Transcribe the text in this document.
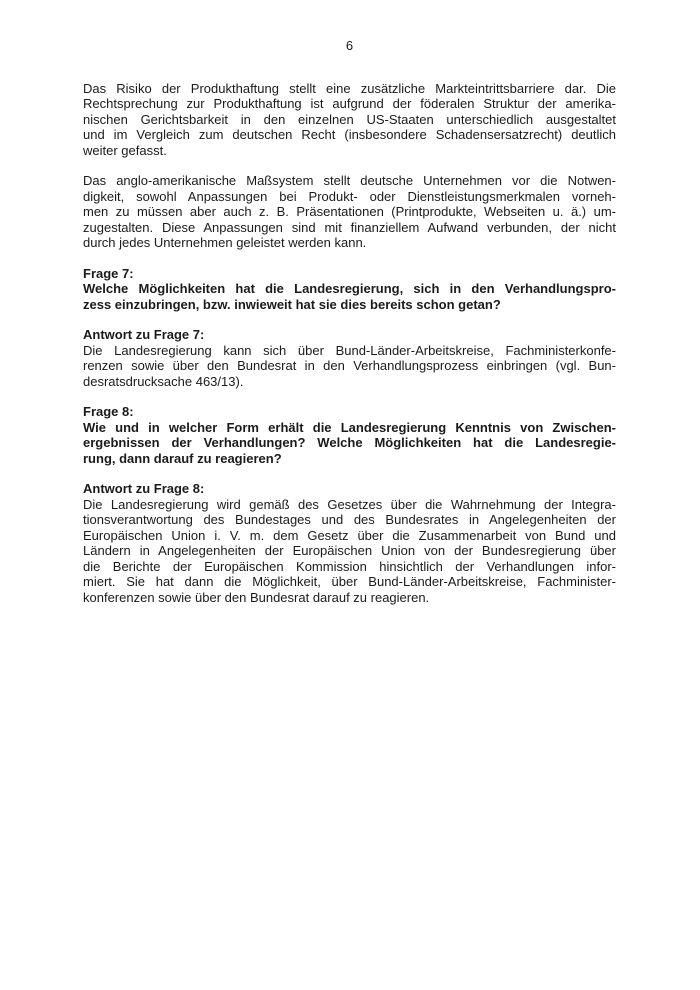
6
Das Risiko der Produkthaftung stellt eine zusätzliche Markteintrittsbarriere dar. Die
Rechtsprechung zur Produkthaftung ist aufgrund der föderalen Struktur der amerika-
nischen Gerichtsbarkeit in den einzelnen US-Staaten unterschiedlich ausgestaltet
und im Vergleich zum deutschen Recht (insbesondere Schadensersatzrecht) deutlich
weiter gefasst.
Das anglo-amerikanische Maßsystem stellt deutsche Unternehmen vor die Notwen-
digkeit, sowohl Anpassungen bei Produkt- oder Dienstleistungsmerkmalen vorneh-
men zu müssen aber auch z. B. Präsentationen (Printprodukte, Webseiten u. ä.) um-
zugestalten. Diese Anpassungen sind mit finanziellem Aufwand verbunden, der nicht
durch jedes Unternehmen geleistet werden kann.
Frage 7:
Welche Möglichkeiten hat die Landesregierung, sich in den Verhandlungspro-
zess einzubringen, bzw. inwieweit hat sie dies bereits schon getan?
Antwort zu Frage 7:
Die Landesregierung kann sich über Bund-Länder-Arbeitskreise, Fachministerkonfe-
renzen sowie über den Bundesrat in den Verhandlungsprozess einbringen (vgl. Bun-
desratsdrucksache 463/13).
Frage 8:
Wie und in welcher Form erhält die Landesregierung Kenntnis von Zwischen-
ergebnissen der Verhandlungen? Welche Möglichkeiten hat die Landesregie-
rung, dann darauf zu reagieren?
Antwort zu Frage 8:
Die Landesregierung wird gemäß des Gesetzes über die Wahrnehmung der Integra-
tionsverantwortung des Bundestages und des Bundesrates in Angelegenheiten der
Europäischen Union i. V. m. dem Gesetz über die Zusammenarbeit von Bund und
Ländern in Angelegenheiten der Europäischen Union von der Bundesregierung über
die Berichte der Europäischen Kommission hinsichtlich der Verhandlungen infor-
miert. Sie hat dann die Möglichkeit, über Bund-Länder-Arbeitskreise, Fachminister-
konferenzen sowie über den Bundesrat darauf zu reagieren.
